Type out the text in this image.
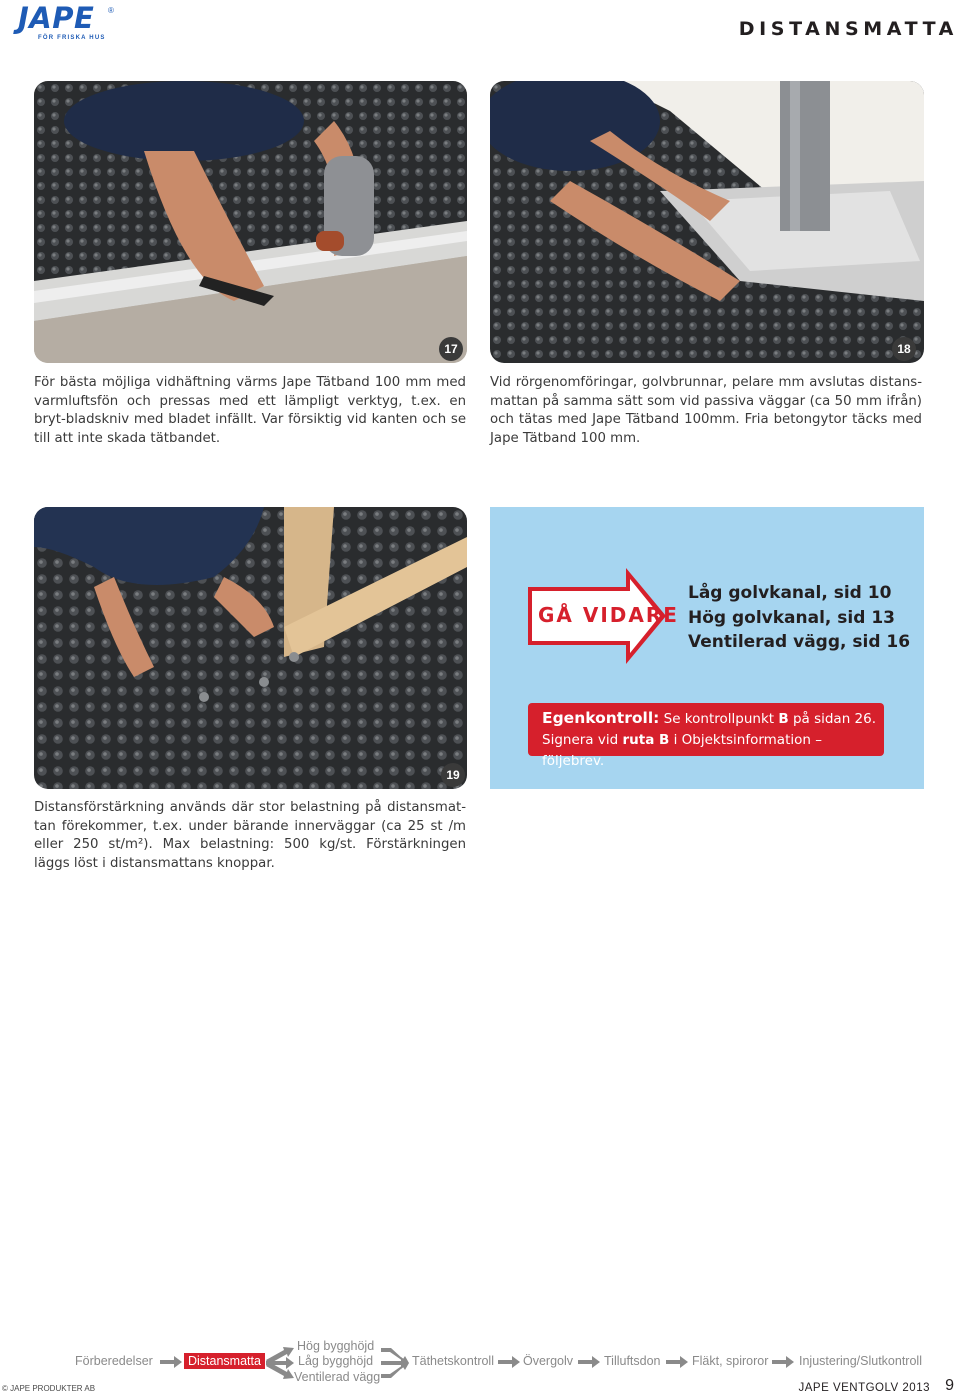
JAPE ®
FÖR FRISKA HUS	DISTANSMATTA
17	18

För bästa möjliga vidhäftning värms Jape Tätband 100 mm med varmluftsfön och pressas med ett lämpligt verktyg, t.ex. en bryt-bladskniv med bladet infällt. Var försiktig vid kanten och se till att inte skada tätbandet.

Vid rörgenomföringar, golvbrunnar, pelare mm avslutas distans-mattan på samma sätt som vid passiva väggar (ca 50 mm ifrån) och tätas med Jape Tätband 100mm. Fria betongytor täcks med Jape Tätband 100 mm.

19
GÅ VIDARE
Låg golvkanal, sid 10
Hög golvkanal, sid 13
Ventilerad vägg, sid 16
Egenkontroll: Se kontrollpunkt B på sidan 26.
Signera vid ruta B i Objektsinformation – följebrev.

Distansförstärkning används där stor belastning på distansmat-tan förekommer, t.ex. under bärande innerväggar (ca 25 st /m eller 250 st/m²). Max belastning: 500 kg/st. Förstärkningen läggs löst i distansmattans knoppar.

Förberedelser	Distansmatta
Hög bygghöjd
Låg bygghöjd
Ventilerad vägg
Täthetskontroll Övergolv Tilluftsdon	Fläkt, spiroror Injustering/Slutkontroll
© JAPE PRODUKTER AB	JAPE VENTGOLV 2013 9
